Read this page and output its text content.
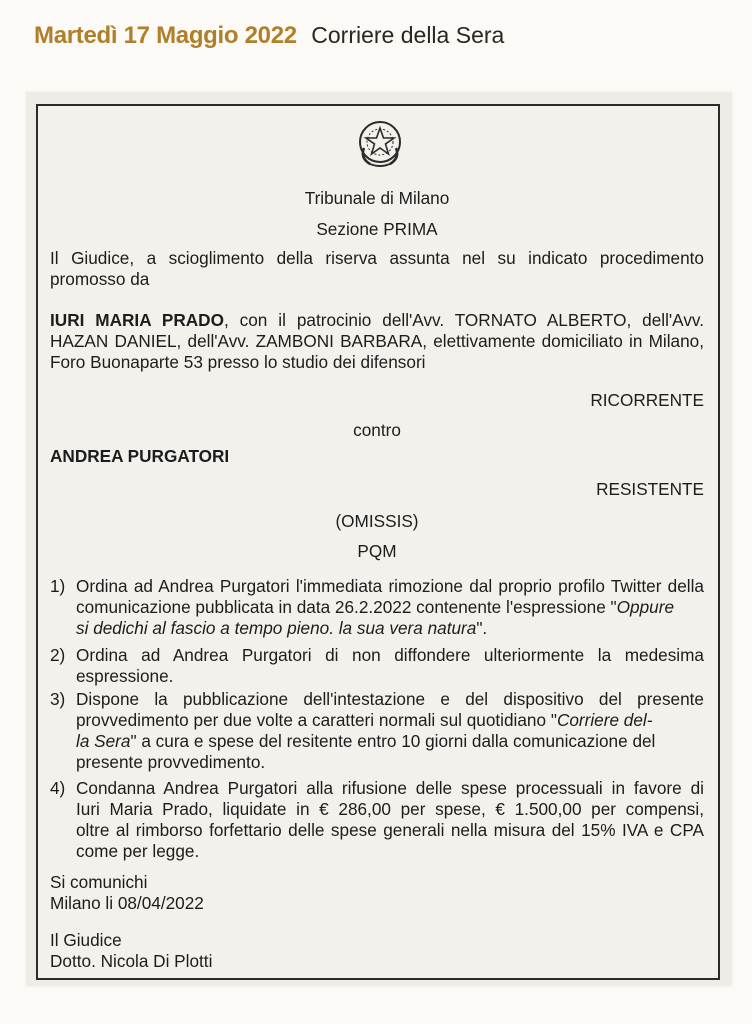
Martedì 17 Maggio 2022 Corriere della Sera
Tribunale di Milano
Sezione PRIMA
Il Giudice, a scioglimento della riserva assunta nel su indicato procedimento
promosso da
IURI MARIA PRADO, con il patrocinio dell'Avv. TORNATO ALBERTO, dell'Avv.
HAZAN DANIEL, dell'Avv. ZAMBONI BARBARA, elettivamente domiciliato in Milano,
Foro Buonaparte 53 presso lo studio dei difensori
RICORRENTE
contro
ANDREA PURGATORI
RESISTENTE
(OMISSIS)
PQM
1) Ordina ad Andrea Purgatori l'immediata rimozione dal proprio profilo Twitter della
comunicazione pubblicata in data 26.2.2022 contenente l'espressione "Oppure
si dedichi al fascio a tempo pieno. la sua vera natura".
2) Ordina ad Andrea Purgatori di non diffondere ulteriormente la medesima
espressione.
3) Dispone la pubblicazione dell'intestazione e del dispositivo del presente
provvedimento per due volte a caratteri normali sul quotidiano "Corriere del-
la Sera" a cura e spese del resitente entro 10 giorni dalla comunicazione del
presente provvedimento.
4) Condanna Andrea Purgatori alla rifusione delle spese processuali in favore di
Iuri Maria Prado, liquidate in € 286,00 per spese, € 1.500,00 per compensi,
oltre al rimborso forfettario delle spese generali nella misura del 15% IVA e CPA
come per legge.
Si comunichi
Milano li 08/04/2022
Il Giudice
Dotto. Nicola Di Plotti
